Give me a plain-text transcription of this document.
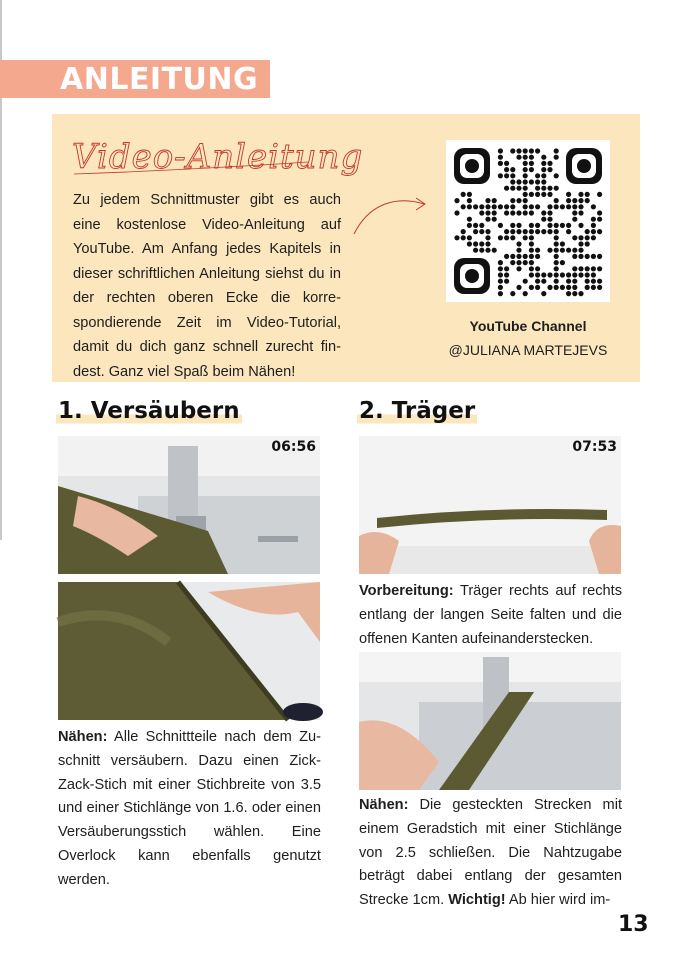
ANLEITUNG
Video-Anleitung

Zu jedem Schnittmuster gibt es auch eine kostenlose Video-Anleitung auf YouTube. Am Anfang jedes Kapitels in dieser schriftlichen Anleitung siehst du in der rechten oberen Ecke die korrespondierende Zeit im Video-Tutorial, damit du dich ganz schnell zurecht findest. Ganz viel Spaß beim Nähen!

YouTube Channel
@JULIANA MARTEJEVS
1. Versäubern
06:56

Nähen: Alle Schnittteile nach dem Zuschnitt versäubern. Dazu einen Zick-Zack-Stich mit einer Stichbreite von 3.5 und einer Stichlänge von 1.6. oder einen Versäuberungsstich wählen. Eine Overlock kann ebenfalls genutzt werden.

2. Träger
07:53

Vorbereitung: Träger rechts auf rechts entlang der langen Seite falten und die offenen Kanten aufeinanderstecken.

Nähen: Die gesteckten Strecken mit einem Geradstich mit einer Stichlänge von 2.5 schließen. Die Nahtzugabe beträgt dabei entlang der gesamten Strecke 1cm. Wichtig! Ab hier wird im-

13
